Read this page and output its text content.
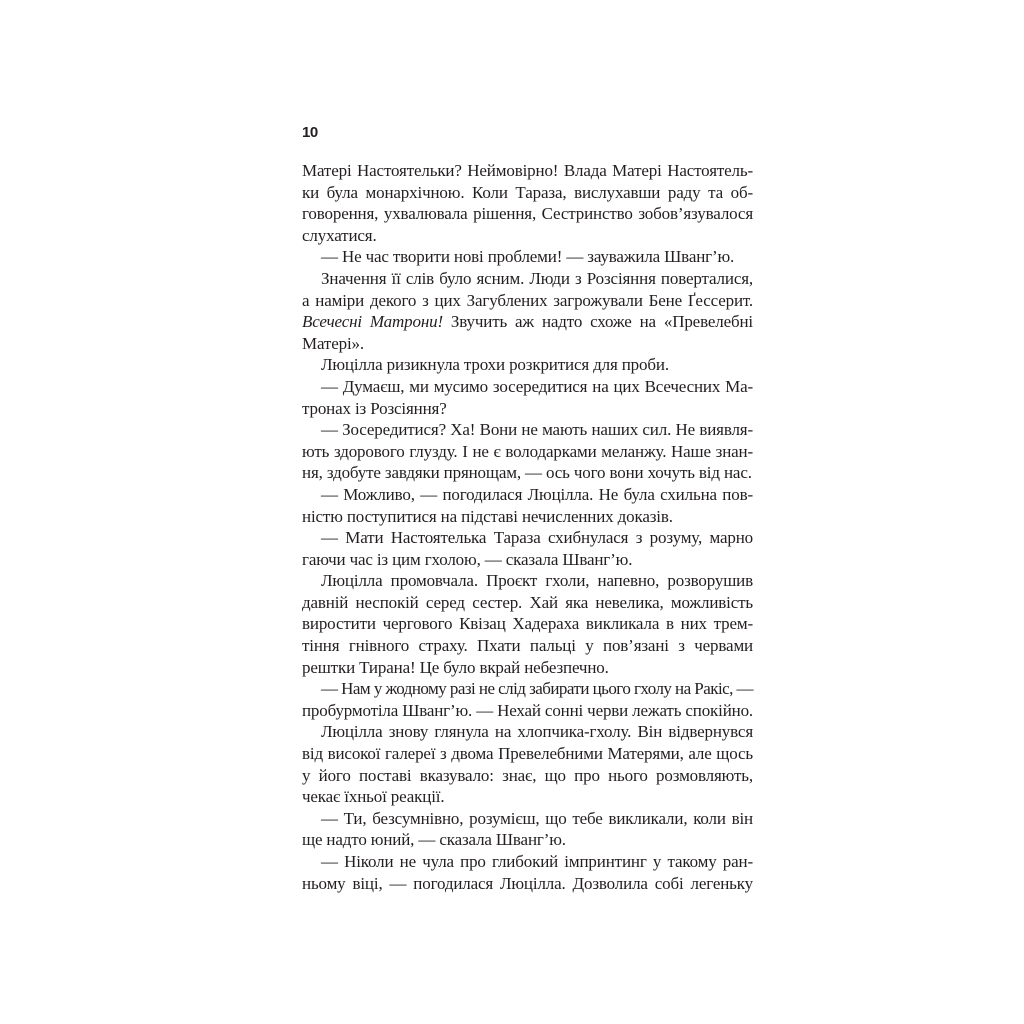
10
Матері Настоятельки? Неймовірно! Влада Матері Настоятель-
ки була монархічною. Коли Тараза, вислухавши раду та об-
говорення, ухвалювала рішення, Сестринство зобов’язувалося
слухатися.
— Не час творити нові проблеми! — зауважила Шванг’ю.
Значення її слів було ясним. Люди з Розсіяння поверталися,
а наміри декого з цих Загублених загрожували Бене Ґессерит.
Всечесні Матрони! Звучить аж надто схоже на «Превелебні
Матері».
Люцілла ризикнула трохи розкритися для проби.
— Думаєш, ми мусимо зосередитися на цих Всечесних Ма-
тронах із Розсіяння?
— Зосередитися? Ха! Вони не мають наших сил. Не виявля-
ють здорового глузду. І не є володарками меланжу. Наше знан-
ня, здобуте завдяки прянощам, — ось чого вони хочуть від нас.
— Можливо, — погодилася Люцілла. Не була схильна пов-
ністю поступитися на підставі нечисленних доказів.
— Мати Настоятелька Тараза схибнулася з розуму, марно
гаючи час із цим гхолою, — сказала Шванг’ю.
Люцілла промовчала. Проєкт гхоли, напевно, розворушив
давній неспокій серед сестер. Хай яка невелика, можливість
виростити чергового Квізац Хадераха викликала в них трем-
тіння гнівного страху. Пхати пальці у пов’язані з червами
рештки Тирана! Це було вкрай небезпечно.
— Нам у жодному разі не слід забирати цього гхолу на Ракіс, —
пробурмотіла Шванг’ю. — Нехай сонні черви лежать спокійно.
Люцілла знову глянула на хлопчика-гхолу. Він відвернувся
від високої галереї з двома Превелебними Матерями, але щось
у його поставі вказувало: знає, що про нього розмовляють,
чекає їхньої реакції.
— Ти, безсумнівно, розумієш, що тебе викликали, коли він
ще надто юний, — сказала Шванг’ю.
— Ніколи не чула про глибокий імпринтинг у такому ран-
ньому віці, — погодилася Люцілла. Дозволила собі легеньку
